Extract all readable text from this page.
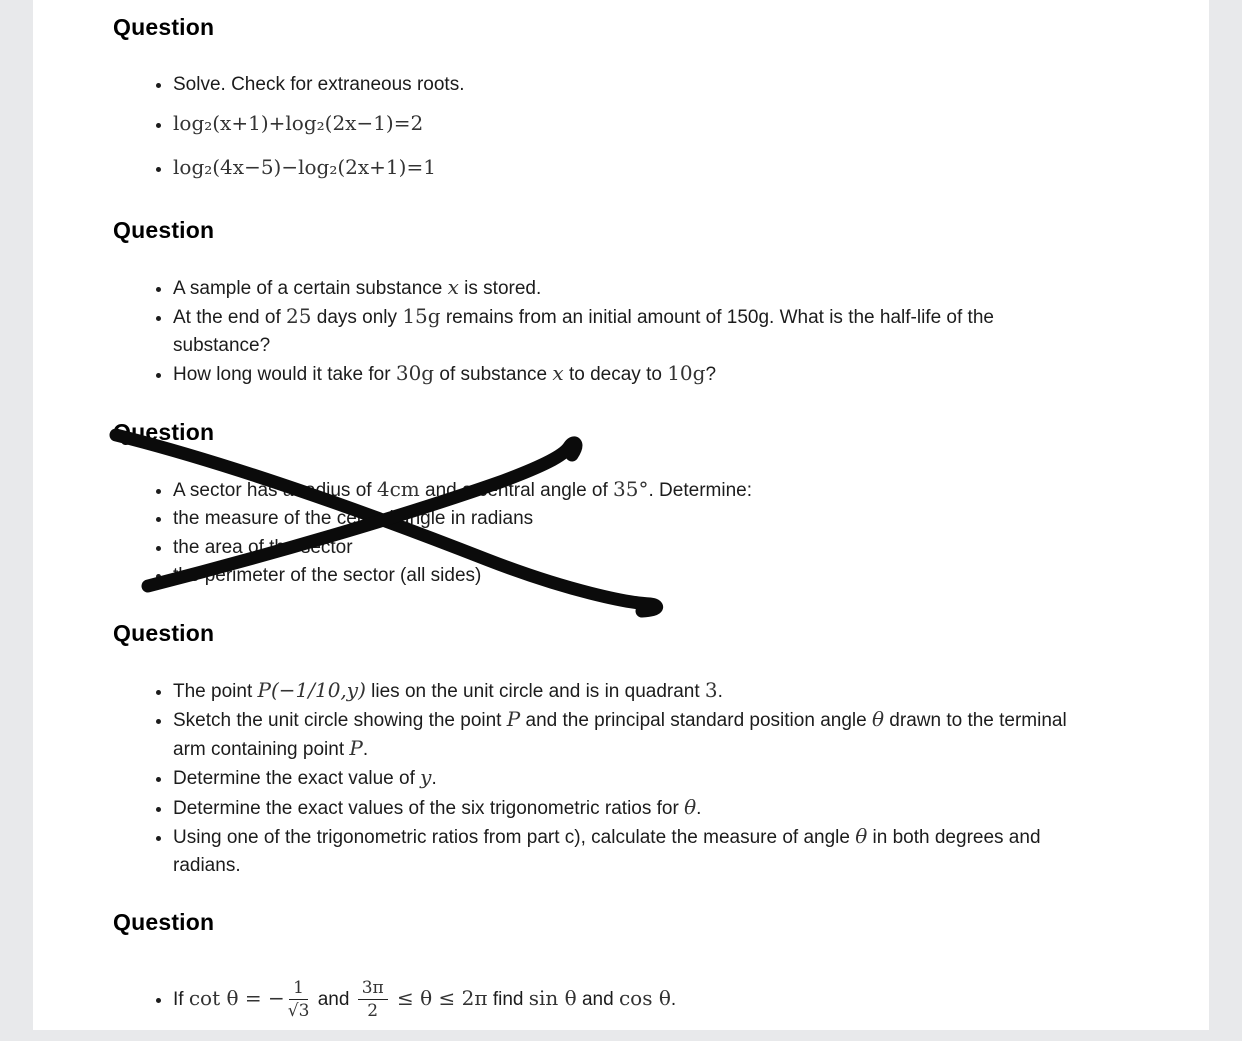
Question
• Solve. Check for extraneous roots.
• log₂(x+1)+log₂(2x−1)=2
• log₂(4x−5)−log₂(2x+1)=1
Question
• A sample of a certain substance x is stored.
• At the end of 25 days only 15g remains from an initial amount of 150g. What is the half-life of the substance?
• How long would it take for 30g of substance x to decay to 10g?
Question
• A sector has a radius of 4cm and a central angle of 35°. Determine:
• the measure of the central angle in radians
• the area of the sector
• the perimeter of the sector (all sides)
Question
• The point P(−1/10,y) lies on the unit circle and is in quadrant 3.
• Sketch the unit circle showing the point P and the principal standard position angle θ drawn to the terminal arm containing point P.
• Determine the exact value of y.
• Determine the exact values of the six trigonometric ratios for θ.
• Using one of the trigonometric ratios from part c), calculate the measure of angle θ in both degrees and radians.
Question
• If cot θ = − $\frac{1}{√3}$ and $\frac{3\pi}{2} \le \theta \le 2\pi$ find sin θ and cos θ.
